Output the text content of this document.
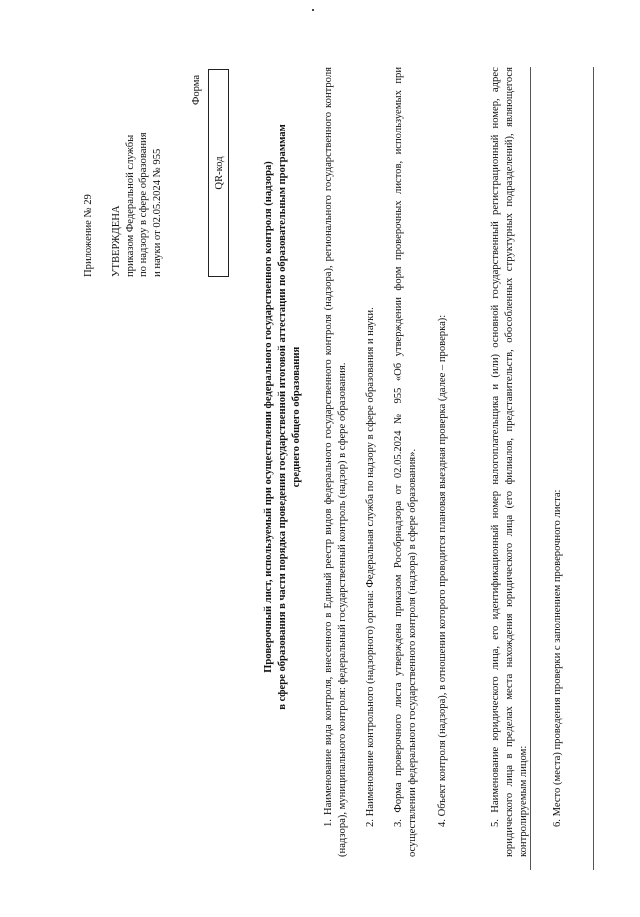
Приложение № 29 УТВЕРЖДЕНА приказом Федеральной службы по надзору в сфере образования и науки от 02.05.2024 № 955
Форма
QR-код	Проверочный лист, используемый при осуществлении федерального государственного контроля (надзора) в сфере образования в части порядка проведения государственной итоговой аттестации по образовательным программам среднего общего образования 1. Наименование вида контроля, внесенного в Единый реестр видов федерального государственного контроля (надзора), регионального государственного контроля (надзора), муниципального контроля: федеральный государственный контроль (надзор) в сфере образования. 2. Наименование контрольного (надзорного) органа: Федеральная служба по надзору в сфере образования и науки. 3. Форма проверочного листа утверждена приказом Рособрнадзора от 02.05.2024 № 955 «Об утверждении форм проверочных листов, используемых при осуществлении федерального государственного контроля (надзора) в сфере образования». 4. Объект контроля (надзора), в отношении которого проводится плановая выездная проверка (далее – проверка):	5. Наименование юридического лица, его идентификационный номер налогоплательщика и (или) основной государственный регистрационный номер, адрес юридического лица в пределах места нахождения юридического лица (его филиалов, представительств, обособленных структурных подразделений), являющегося контролируемым лицом: 6. Место (места) проведения проверки с заполнением проверочного листа:
